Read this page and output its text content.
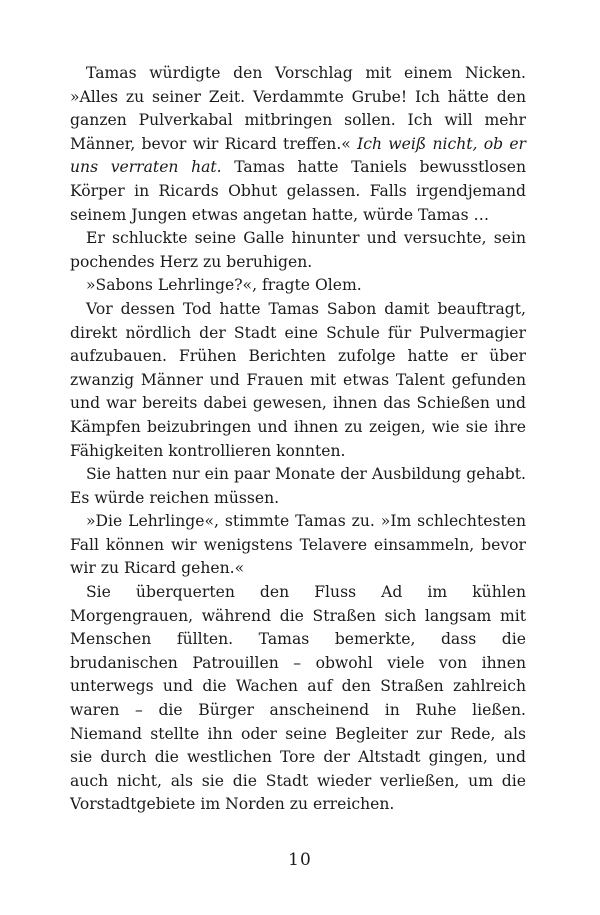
Tamas würdigte den Vorschlag mit einem Nicken. »Alles zu seiner Zeit. Verdammte Grube! Ich hätte den ganzen Pulverkabal mitbringen sollen. Ich will mehr Männer, bevor wir Ricard treffen.« Ich weiß nicht, ob er uns verraten hat. Tamas hatte Taniels bewusstlosen Körper in Ricards Obhut gelassen. Falls irgendjemand seinem Jungen etwas angetan hatte, würde Tamas …

Er schluckte seine Galle hinunter und versuchte, sein pochendes Herz zu beruhigen.

»Sabons Lehrlinge?«, fragte Olem.

Vor dessen Tod hatte Tamas Sabon damit beauftragt, direkt nördlich der Stadt eine Schule für Pulvermagier aufzubauen. Frühen Berichten zufolge hatte er über zwanzig Männer und Frauen mit etwas Talent gefunden und war bereits dabei gewesen, ihnen das Schießen und Kämpfen beizubringen und ihnen zu zeigen, wie sie ihre Fähigkeiten kontrollieren konnten.

Sie hatten nur ein paar Monate der Ausbildung gehabt. Es würde reichen müssen.

»Die Lehrlinge«, stimmte Tamas zu. »Im schlechtesten Fall können wir wenigstens Telavere einsammeln, bevor wir zu Ricard gehen.«

Sie überquerten den Fluss Ad im kühlen Morgengrauen, während die Straßen sich langsam mit Menschen füllten. Tamas bemerkte, dass die brudanischen Patrouillen – obwohl viele von ihnen unterwegs und die Wachen auf den Straßen zahlreich waren – die Bürger anscheinend in Ruhe ließen. Niemand stellte ihn oder seine Begleiter zur Rede, als sie durch die westlichen Tore der Altstadt gingen, und auch nicht, als sie die Stadt wieder verließen, um die Vorstadtgebiete im Norden zu erreichen.

10
